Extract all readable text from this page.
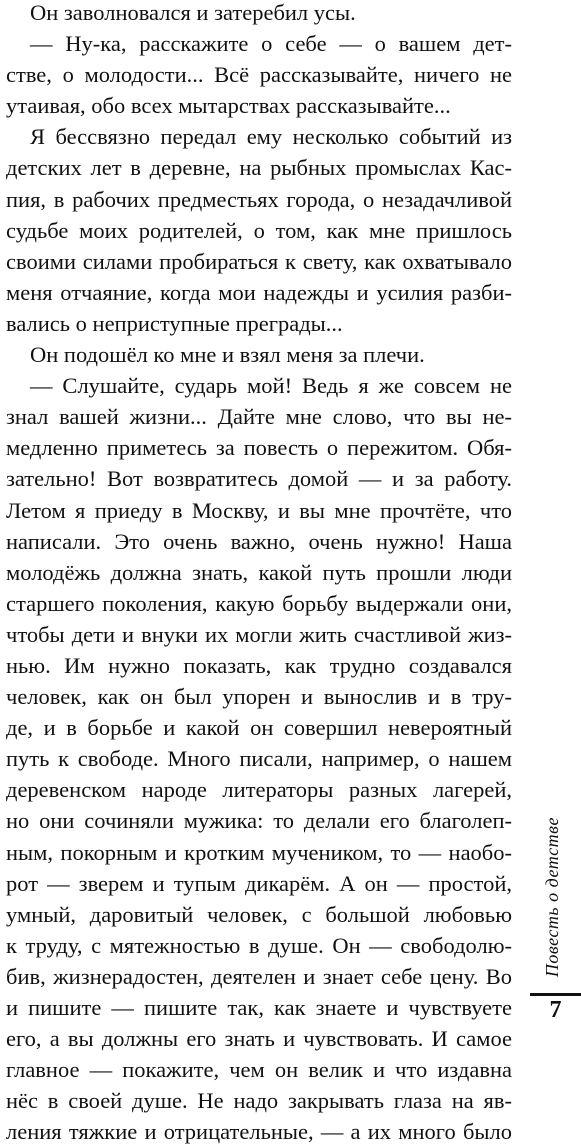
Он заволновался и затеребил усы.
— Ну-ка, расскажите о себе — о вашем дет-
стве, о молодости... Всё рассказывайте, ничего не
утаивая, обо всех мытарствах рассказывайте...
Я бессвязно передал ему несколько событий из
детских лет в деревне, на рыбных промыслах Кас-
пия, в рабочих предместьях города, о незадачливой
судьбе моих родителей, о том, как мне пришлось
своими силами пробираться к свету, как охватывало
меня отчаяние, когда мои надежды и усилия разби-
вались о неприступные преграды...
Он подошёл ко мне и взял меня за плечи.
— Слушайте, сударь мой! Ведь я же совсем не
знал вашей жизни... Дайте мне слово, что вы не-
медленно приметесь за повесть о пережитом. Обя-
зательно! Вот возвратитесь домой — и за работу.
Летом я приеду в Москву, и вы мне прочтёте, что
написали. Это очень важно, очень нужно! Наша
молодёжь должна знать, какой путь прошли люди
старшего поколения, какую борьбу выдержали они,
чтобы дети и внуки их могли жить счастливой жиз-
нью. Им нужно показать, как трудно создавался
человек, как он был упорен и вынослив и в тру-
де, и в борьбе и какой он совершил невероятный
путь к свободе. Много писали, например, о нашем
деревенском народе литераторы разных лагерей,
но они сочиняли мужика: то делали его благолеп-
ным, покорным и кротким мучеником, то — наобо-
рот — зверем и тупым дикарём. А он — простой,
умный, даровитый человек, с большой любовью
к труду, с мятежностью в душе. Он — свободолю-
бив, жизнерадостен, деятелен и знает себе цену. Во
и пишите — пишите так, как знаете и чувствуете
его, а вы должны его знать и чувствовать. И самое
главное — покажите, чем он велик и что издавна
нёс в своей душе. Не надо закрывать глаза на яв-
ления тяжкие и отрицательные, — а их много было
Повесть о детстве
7
